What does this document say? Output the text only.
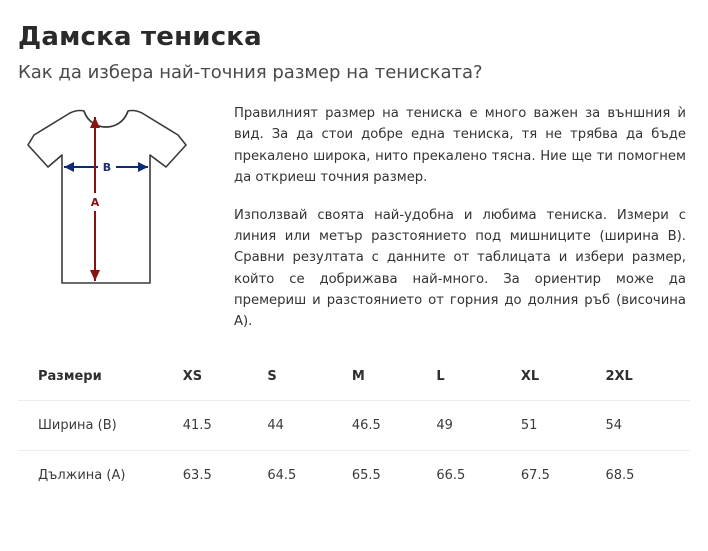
Дамска тениска
Как да избера най-точния размер на тениската?
B
A

Правилният размер на тениска е много важен за външния ѝ вид. За да стои добре една тениска, тя не трябва да бъде прекалено широка, нито прекалено тясна. Ние ще ти помогнем да откриеш точния размер.

Използвай своята най-удобна и любима тениска. Измери с линия или метър разстоянието под мишниците (ширина B). Сравни резултата с данните от таблицата и избери размер, който се добрижава най-много. За ориентир може да премериш и разстоянието от горния до долния ръб (височина A).

Размери	XS	S	M	L	XL	2XL
Ширина (B)	41.5	44	46.5	49	51	54
Дължина (A)	63.5	64.5	65.5	66.5	67.5	68.5
